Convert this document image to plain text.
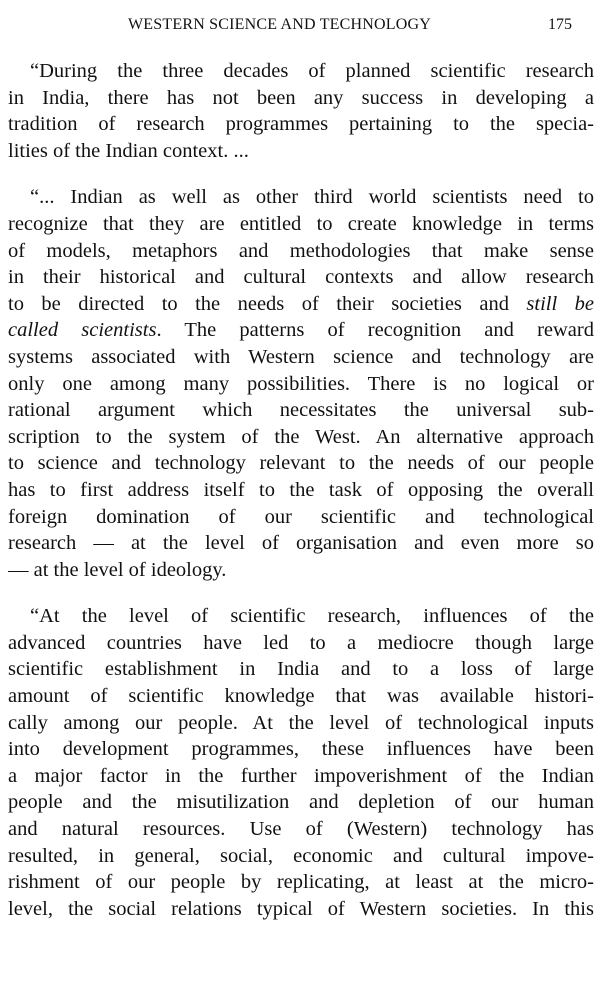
WESTERN SCIENCE AND TECHNOLOGY	175

“During the three decades of planned scientific research
in India, there has not been any success in developing a
tradition of research programmes pertaining to the specia-
lities of the Indian context. ...

“... Indian as well as other third world scientists need to
recognize that they are entitled to create knowledge in terms
of models, metaphors and methodologies that make sense
in their historical and cultural contexts and allow research
to be directed to the needs of their societies and still be
called scientists. The patterns of recognition and reward
systems associated with Western science and technology are
only one among many possibilities. There is no logical or
rational argument which necessitates the universal sub-
scription to the system of the West. An alternative approach
to science and technology relevant to the needs of our people
has to first address itself to the task of opposing the overall
foreign domination of our scientific and technological
research — at the level of organisation and even more so
— at the level of ideology.

“At the level of scientific research, influences of the
advanced countries have led to a mediocre though large
scientific establishment in India and to a loss of large
amount of scientific knowledge that was available histori-
cally among our people. At the level of technological inputs
into development programmes, these influences have been
a major factor in the further impoverishment of the Indian
people and the misutilization and depletion of our human
and natural resources. Use of (Western) technology has
resulted, in general, social, economic and cultural impove-
rishment of our people by replicating, at least at the micro-
level, the social relations typical of Western societies. In this
